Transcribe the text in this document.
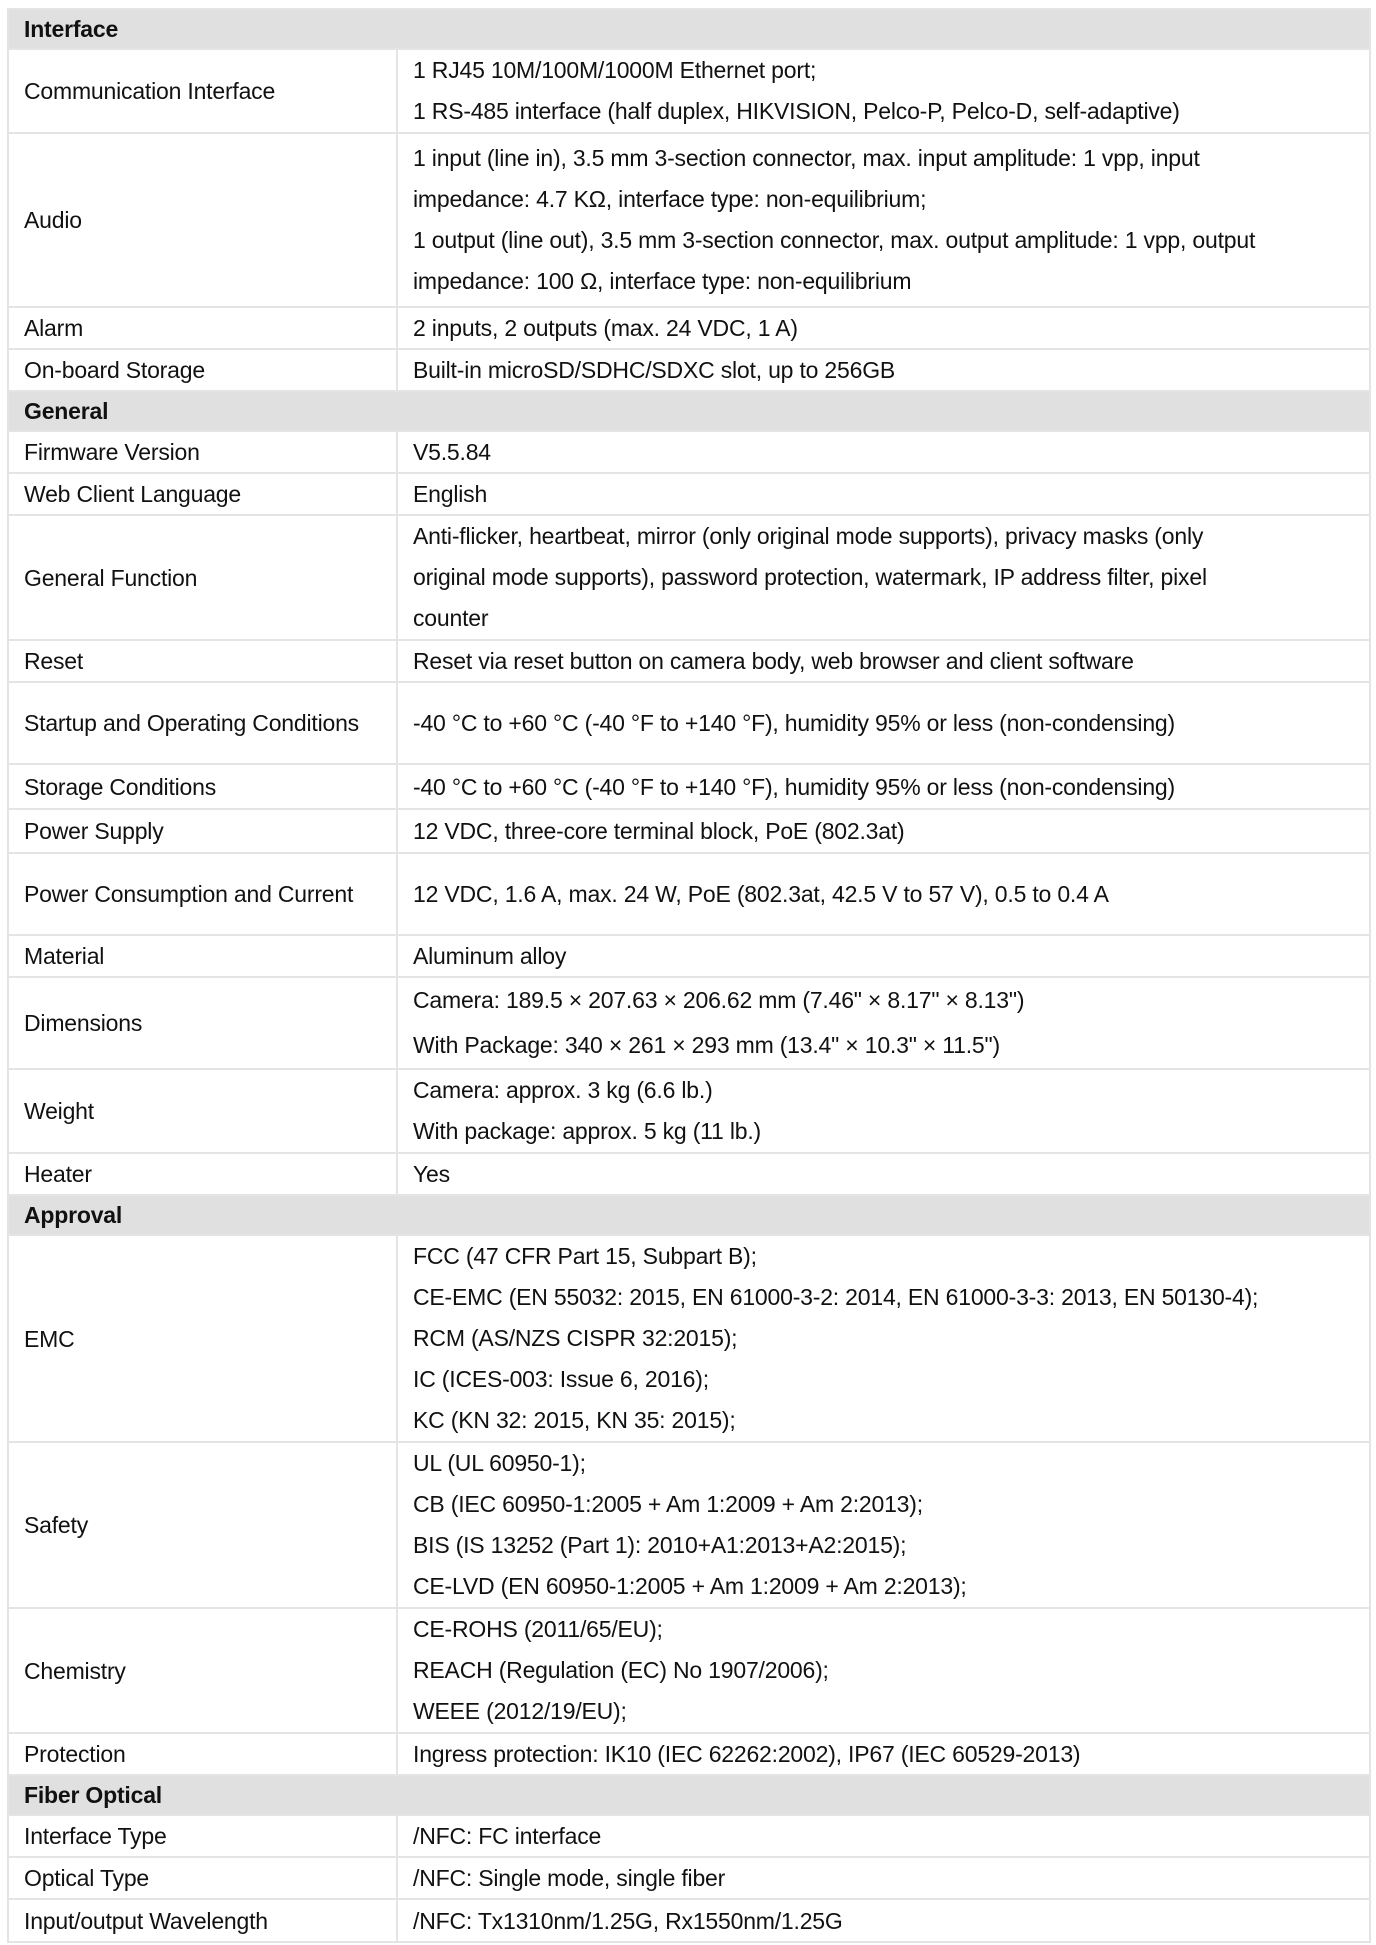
Interface	
Communication Interface	1 RJ45 10M/100M/1000M Ethernet port;
1 RS-485 interface (half duplex, HIKVISION, Pelco-P, Pelco-D, self-adaptive)

Audio	1 input (line in), 3.5 mm 3-section connector, max. input amplitude: 1 vpp, input
impedance: 4.7 KΩ, interface type: non-equilibrium;
1 output (line out), 3.5 mm 3-section connector, max. output amplitude: 1 vpp, output
impedance: 100 Ω, interface type: non-equilibrium

Alarm	2 inputs, 2 outputs (max. 24 VDC, 1 A)

On-board Storage	Built-in microSD/SDHC/SDXC slot, up to 256GB

General	
Firmware Version	V5.5.84

Web Client Language	English

General Function	Anti-flicker, heartbeat, mirror (only original mode supports), privacy masks (only
original mode supports), password protection, watermark, IP address filter, pixel
counter

Reset	Reset via reset button on camera body, web browser and client software

Startup and Operating Conditions	-40 °C to +60 °C (-40 °F to +140 °F), humidity 95% or less (non-condensing)

Storage Conditions	-40 °C to +60 °C (-40 °F to +140 °F), humidity 95% or less (non-condensing)

Power Supply	12 VDC, three-core terminal block, PoE (802.3at)

Power Consumption and Current	12 VDC, 1.6 A, max. 24 W, PoE (802.3at, 42.5 V to 57 V), 0.5 to 0.4 A

Material	Aluminum alloy

Dimensions	Camera: 189.5 × 207.63 × 206.62 mm (7.46" × 8.17" × 8.13")
With Package: 340 × 261 × 293 mm (13.4" × 10.3" × 11.5")

Weight	Camera: approx. 3 kg (6.6 lb.)
With package: approx. 5 kg (11 lb.)

Heater	Yes

Approval	
EMC	FCC (47 CFR Part 15, Subpart B);
CE-EMC (EN 55032: 2015, EN 61000-3-2: 2014, EN 61000-3-3: 2013, EN 50130-4);
RCM (AS/NZS CISPR 32:2015);
IC (ICES-003: Issue 6, 2016);
KC (KN 32: 2015, KN 35: 2015);

Safety	UL (UL 60950-1);
CB (IEC 60950-1:2005 + Am 1:2009 + Am 2:2013);
BIS (IS 13252 (Part 1): 2010+A1:2013+A2:2015);
CE-LVD (EN 60950-1:2005 + Am 1:2009 + Am 2:2013);

Chemistry	CE-ROHS (2011/65/EU);
REACH (Regulation (EC) No 1907/2006);
WEEE (2012/19/EU);

Protection	Ingress protection: IK10 (IEC 62262:2002), IP67 (IEC 60529-2013)

Fiber Optical	
Interface Type	/NFC: FC interface

Optical Type	/NFC: Single mode, single fiber

Input/output Wavelength	/NFC: Tx1310nm/1.25G, Rx1550nm/1.25G
